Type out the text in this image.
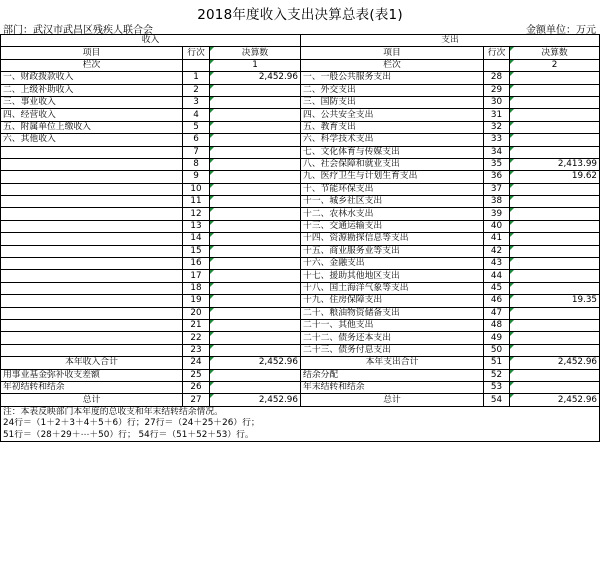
2018年度收入支出决算总表(表1)
部门：武汉市武昌区残疾人联合会	金额单位：万元
收入			支出		
项目	行次	决算数	项目	行次	决算数
栏次		1	栏次		2
一、财政拨款收入	1	2,452.96	一、一般公共服务支出	28	
二、上级补助收入	2		二、外交支出	29	
三、事业收入	3		三、国防支出	30	
四、经营收入	4		四、公共安全支出	31	
五、附属单位上缴收入	5		五、教育支出	32	
六、其他收入	6		六、科学技术支出	33	
	7		七、文化体育与传媒支出	34	
	8		八、社会保障和就业支出	35	2,413.99
	9		九、医疗卫生与计划生育支出	36	19.62
	10		十、节能环保支出	37	
	11		十一、城乡社区支出	38	
	12		十二、农林水支出	39	
	13		十三、交通运输支出	40	
	14		十四、资源勘探信息等支出	41	
	15		十五、商业服务业等支出	42	
	16		十六、金融支出	43	
	17		十七、援助其他地区支出	44	
	18		十八、国土海洋气象等支出	45	
	19		十九、住房保障支出	46	19.35
	20		二十、粮油物资储备支出	47	
	21		二十一、其他支出	48	
	22		二十二、债务还本支出	49	
	23		二十三、债务付息支出	50	
本年收入合计	24	2,452.96	本年支出合计	51	2,452.96
用事业基金弥补收支差额	25		结余分配	52	
年初结转和结余	26		年末结转和结余	53	
总计	27	2,452.96	总计	54	2,452.96
注：本表反映部门本年度的总收支和年末结转结余情况。					
24行＝（1＋2＋3＋4＋5＋6）行；27行＝（24＋25＋26）行；					
51行＝（28＋29＋⋯＋50）行； 54行＝（51＋52＋53）行。					
